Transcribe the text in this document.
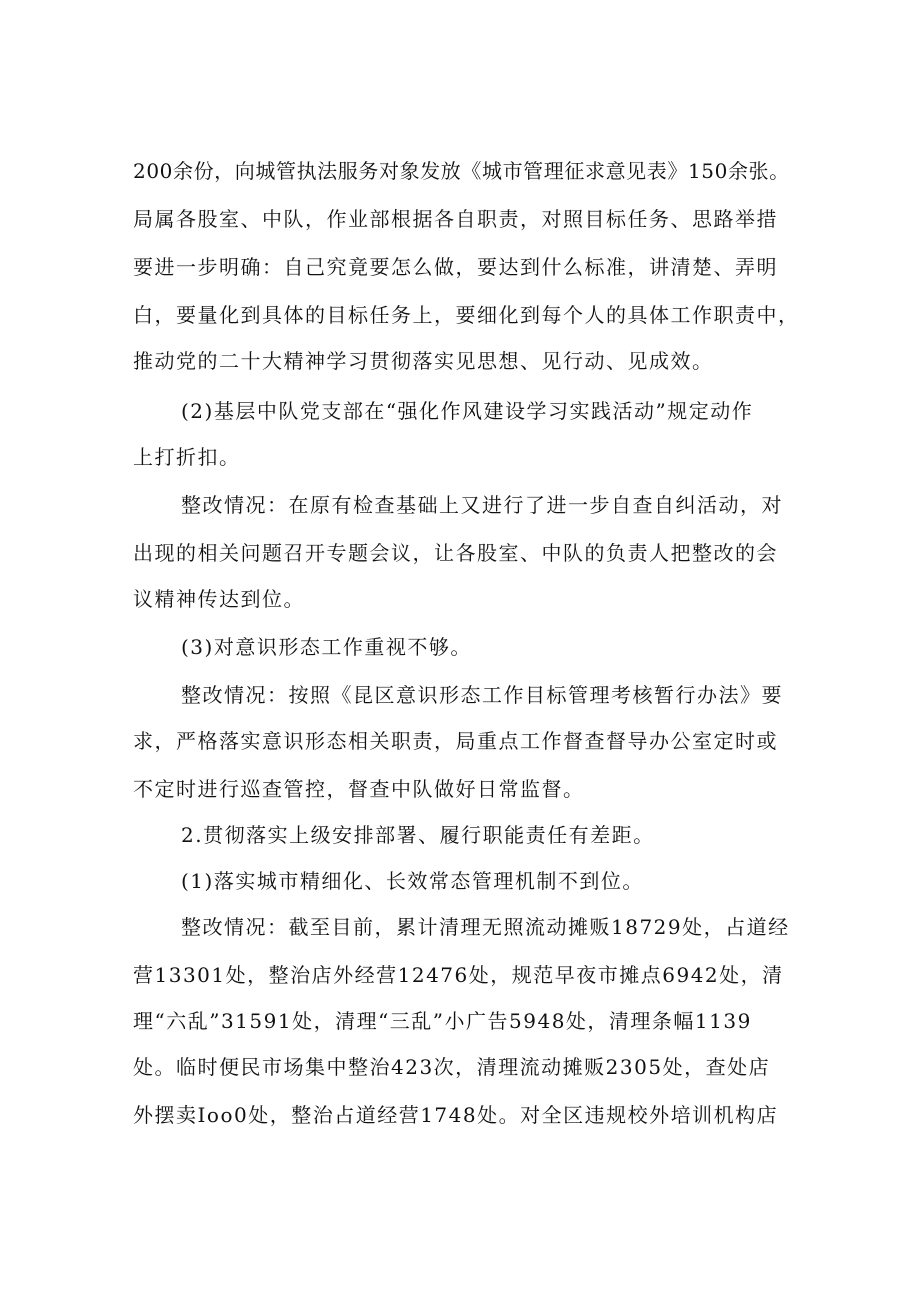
200余份，向城管执法服务对象发放《城市管理征求意见表》150余张。
局属各股室、中队，作业部根据各自职责，对照目标任务、思路举措
要进一步明确：自己究竟要怎么做，要达到什么标准，讲清楚、弄明
白，要量化到具体的目标任务上，要细化到每个人的具体工作职责中，
推动党的二十大精神学习贯彻落实见思想、见行动、见成效。
(2)基层中队党支部在“强化作风建设学习实践活动”规定动作
上打折扣。
整改情况：在原有检查基础上又进行了进一步自查自纠活动，对
出现的相关问题召开专题会议，让各股室、中队的负责人把整改的会
议精神传达到位。
(3)对意识形态工作重视不够。
整改情况：按照《昆区意识形态工作目标管理考核暂行办法》要
求，严格落实意识形态相关职责，局重点工作督查督导办公室定时或
不定时进行巡查管控，督查中队做好日常监督。
2.贯彻落实上级安排部署、履行职能责任有差距。
(1)落实城市精细化、长效常态管理机制不到位。
整改情况：截至目前，累计清理无照流动摊贩18729处，占道经
营13301处，整治店外经营12476处，规范早夜市摊点6942处，清
理“六乱”31591处，清理“三乱”小广告5948处，清理条幅1139
处。临时便民市场集中整治423次，清理流动摊贩2305处，查处店
外摆卖Ioo0处，整治占道经营1748处。对全区违规校外培训机构店
